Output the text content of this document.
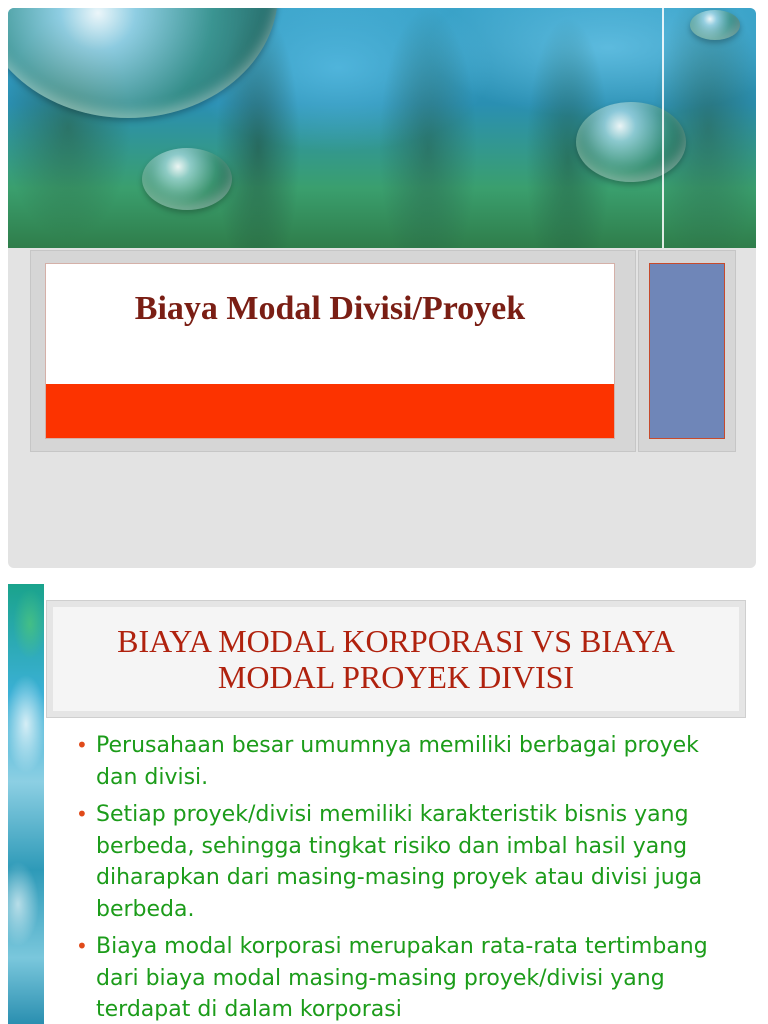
Biaya Modal Divisi/Proyek
BIAYA MODAL KORPORASI VS BIAYA
MODAL PROYEK DIVISI
• Perusahaan besar umumnya memiliki berbagai proyek dan divisi.
• Setiap proyek/divisi memiliki karakteristik bisnis yang berbeda, sehingga tingkat risiko dan imbal hasil yang diharapkan dari masing-masing proyek atau divisi juga berbeda.
• Biaya modal korporasi merupakan rata-rata tertimbang dari biaya modal masing-masing proyek/divisi yang terdapat di dalam korporasi
